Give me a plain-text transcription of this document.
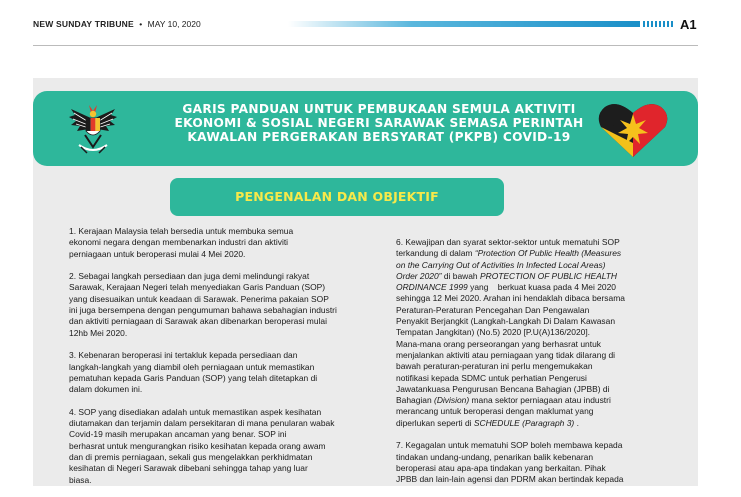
NEW SUNDAY TRIBUNE • MAY 10, 2020	A1
GARIS PANDUAN UNTUK PEMBUKAAN SEMULA AKTIVITI
EKONOMI & SOSIAL NEGERI SARAWAK SEMASA PERINTAH
KAWALAN PERGERAKAN BERSYARAT (PKPB) COVID-19
PENGENALAN DAN OBJEKTIF

1. Kerajaan Malaysia telah bersedia untuk membuka semua
ekonomi negara dengan membenarkan industri dan aktiviti
perniagaan untuk beroperasi mulai 4 Mei 2020.

2. Sebagai langkah persediaan dan juga demi melindungi rakyat
Sarawak, Kerajaan Negeri telah menyediakan Garis Panduan (SOP)
yang disesuaikan untuk keadaan di Sarawak. Penerima pakaian SOP
ini juga bersempena dengan pengumuman bahawa sebahagian industri
dan aktiviti perniagaan di Sarawak akan dibenarkan beroperasi mulai
12hb Mei 2020.

3. Kebenaran beroperasi ini tertakluk kepada persediaan dan
langkah-langkah yang diambil oleh perniagaan untuk memastikan
pematuhan kepada Garis Panduan (SOP) yang telah ditetapkan di
dalam dokumen ini.

4. SOP yang disediakan adalah untuk memastikan aspek kesihatan
diutamakan dan terjamin dalam persekitaran di mana penularan wabak
Covid-19 masih merupakan ancaman yang benar. SOP ini
berhasrat untuk mengurangkan risiko kesihatan kepada orang awam
dan di premis perniagaan, sekali gus mengelakkan perkhidmatan
kesihatan di Negeri Sarawak dibebani sehingga tahap yang luar
biasa.

6. Kewajipan dan syarat sektor-sektor untuk mematuhi SOP
terkandung di dalam “Protection Of Public Health (Measures
on the Carrying Out of Activities In Infected Local Areas)
Order 2020” di bawah PROTECTION OF PUBLIC HEALTH
ORDINANCE 1999 yang    berkuat kuasa pada 4 Mei 2020
sehingga 12 Mei 2020. Arahan ini hendaklah dibaca bersama
Peraturan-Peraturan Pencegahan Dan Pengawalan
Penyakit Berjangkit (Langkah-Langkah Di Dalam Kawasan
Tempatan Jangkitan) (No.5) 2020 [P.U(A)136/2020].
Mana-mana orang perseorangan yang berhasrat untuk
menjalankan aktiviti atau perniagaan yang tidak dilarang di
bawah peraturan-peraturan ini perlu mengemukakan
notifikasi kepada SDMC untuk perhatian Pengerusi
Jawatankuasa Pengurusan Bencana Bahagian (JPBB) di
Bahagian (Division) mana sektor perniagaan atau industri
merancang untuk beroperasi dengan maklumat yang
diperlukan seperti di SCHEDULE (Paragraph 3) .

7. Kegagalan untuk mematuhi SOP boleh membawa kepada
tindakan undang-undang, penarikan balik kebenaran
beroperasi atau apa-apa tindakan yang berkaitan. Pihak
JPBB dan lain-lain agensi dan PDRM akan bertindak kepada
